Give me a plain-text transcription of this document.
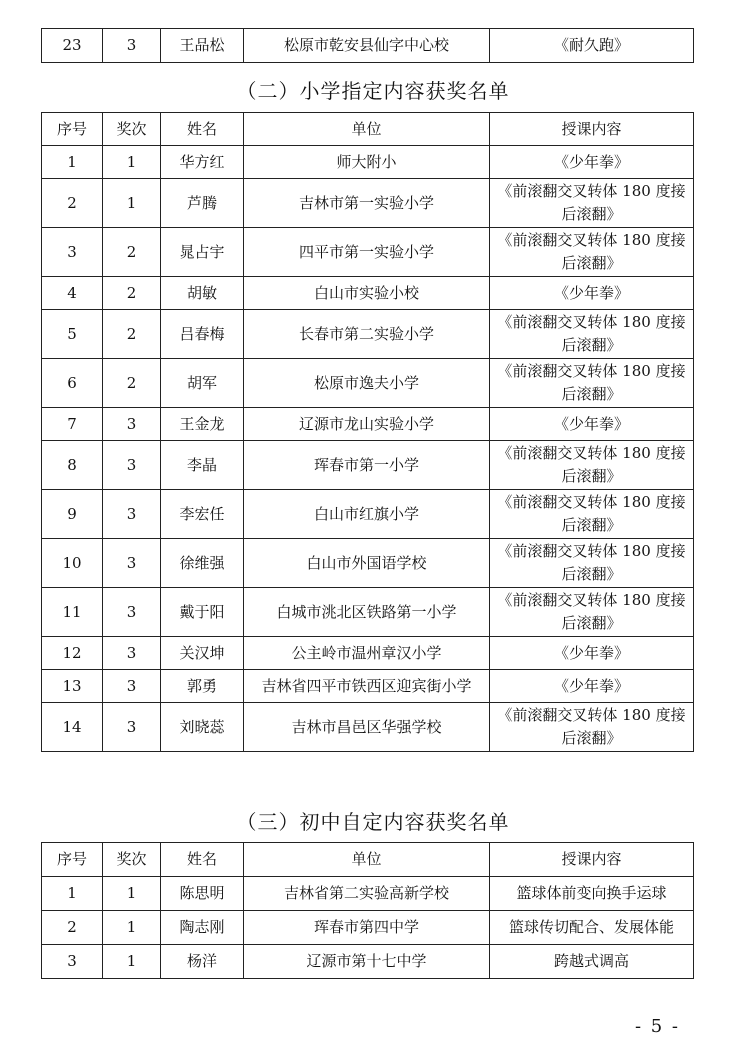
23	3	王品松	松原市乾安县仙字中心校	《耐久跑》
（二）小学指定内容获奖名单
序号	奖次	姓名	单位	授课内容
1	1	华方红	师大附小	《少年拳》
2	1	芦腾	吉林市第一实验小学	《前滚翻交叉转体 180 度接后滚翻》
3	2	晁占宇	四平市第一实验小学	《前滚翻交叉转体 180 度接后滚翻》
4	2	胡敏	白山市实验小校	《少年拳》
5	2	吕春梅	长春市第二实验小学	《前滚翻交叉转体 180 度接后滚翻》
6	2	胡军	松原市逸夫小学	《前滚翻交叉转体 180 度接后滚翻》
7	3	王金龙	辽源市龙山实验小学	《少年拳》
8	3	李晶	珲春市第一小学	《前滚翻交叉转体 180 度接后滚翻》
9	3	李宏任	白山市红旗小学	《前滚翻交叉转体 180 度接后滚翻》
10	3	徐维强	白山市外国语学校	《前滚翻交叉转体 180 度接后滚翻》
11	3	戴于阳	白城市洮北区铁路第一小学	《前滚翻交叉转体 180 度接后滚翻》
12	3	关汉坤	公主岭市温州章汉小学	《少年拳》
13	3	郭勇	吉林省四平市铁西区迎宾街小学	《少年拳》
14	3	刘晓蕊	吉林市昌邑区华强学校	《前滚翻交叉转体 180 度接后滚翻》
（三）初中自定内容获奖名单
序号	奖次	姓名	单位	授课内容
1	1	陈思明	吉林省第二实验高新学校	篮球体前变向换手运球
2	1	陶志刚	珲春市第四中学	篮球传切配合、发展体能
3	1	杨洋	辽源市第十七中学	跨越式调高
- 5 -
